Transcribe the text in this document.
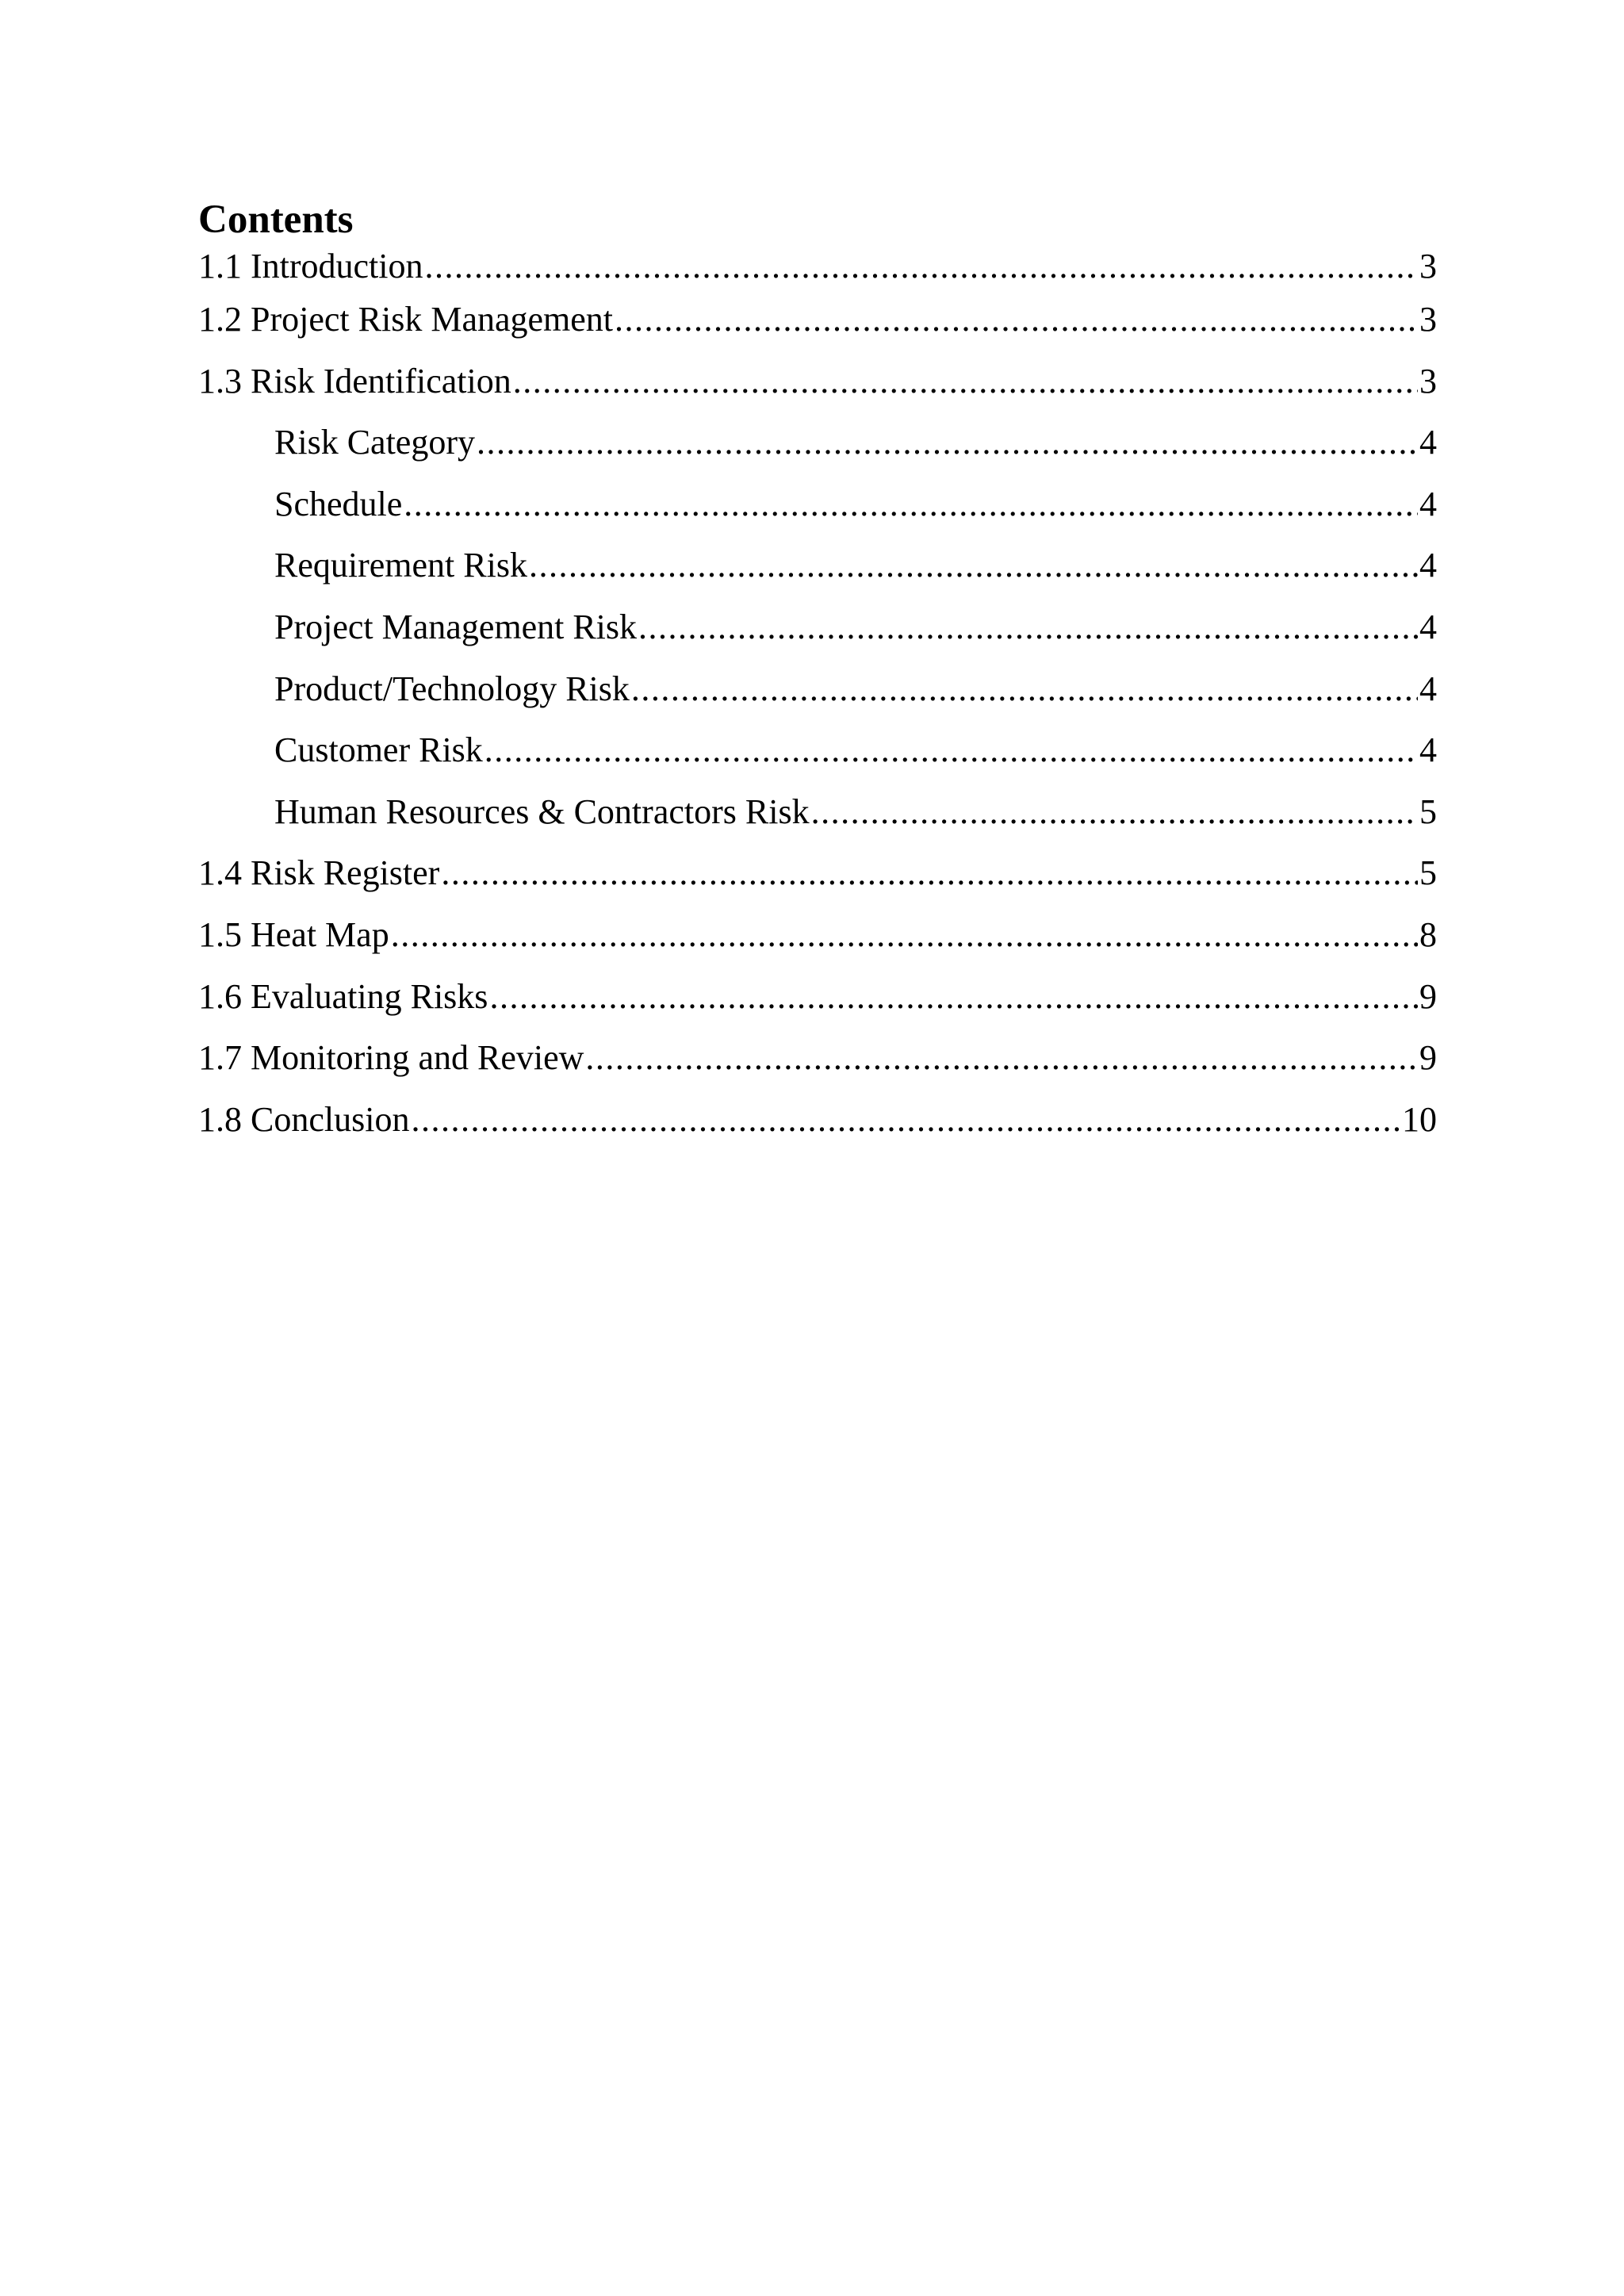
Contents
1.1 Introduction .....	3
1.2 Project Risk Management .....	3
1.3 Risk Identification .....	3
Risk Category .....	4
Schedule .....	4
Requirement Risk .....	4
Project Management Risk .....	4
Product/Technology Risk .....	4
Customer Risk .....	4
Human Resources & Contractors Risk .....	5
1.4 Risk Register .....	5
1.5 Heat Map .....	8
1.6 Evaluating Risks .....	9
1.7 Monitoring and Review .....	9
1.8 Conclusion .....	10
